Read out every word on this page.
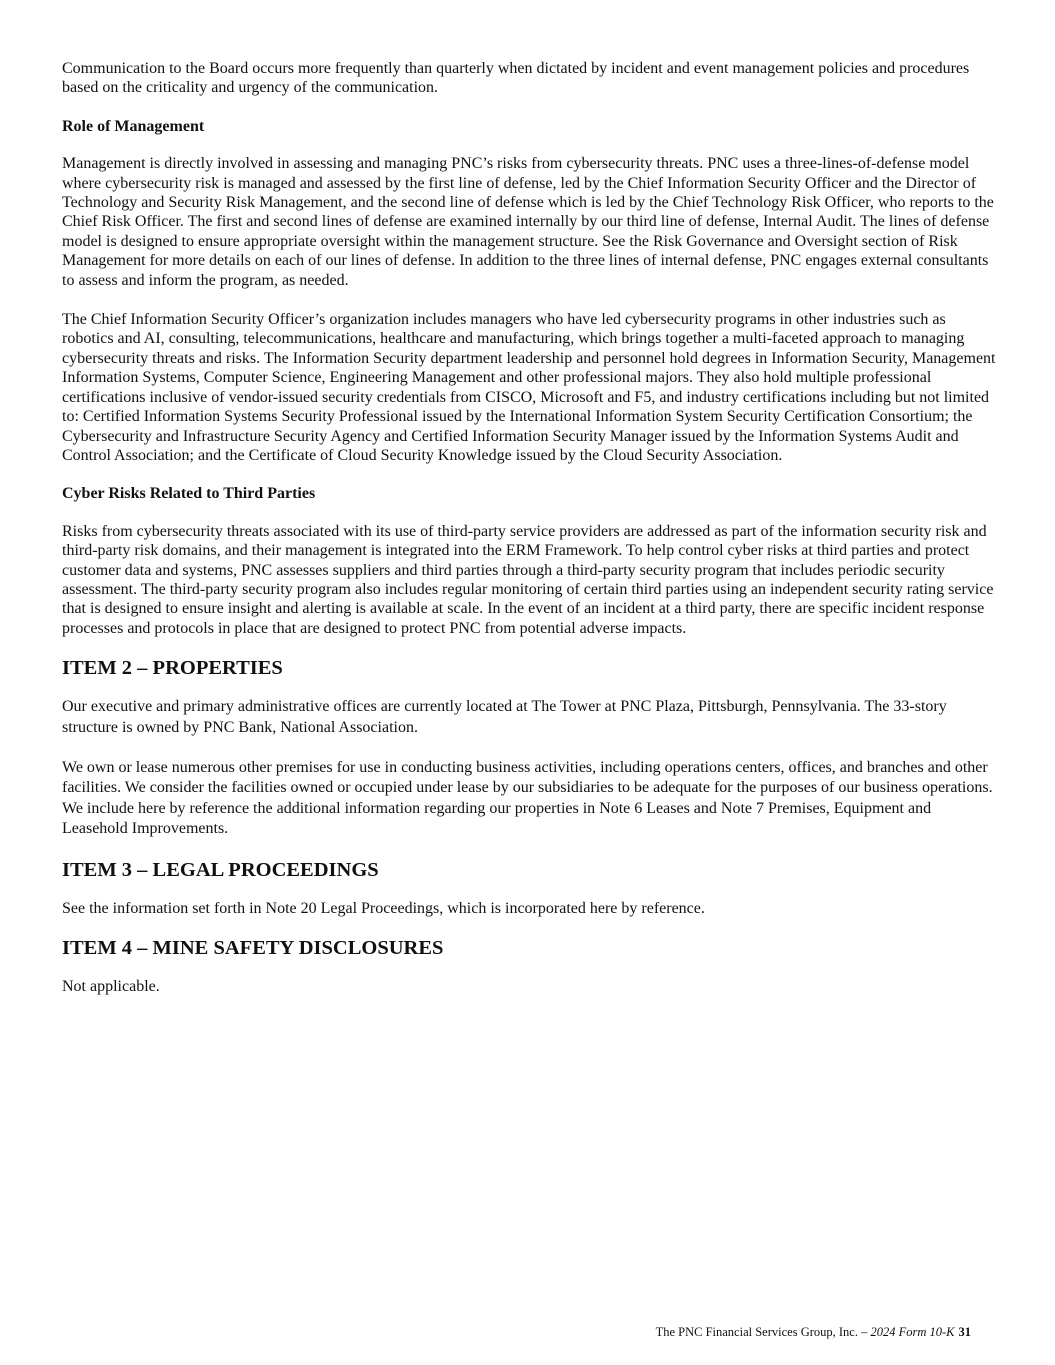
Communication to the Board occurs more frequently than quarterly when dictated by incident and event management policies and procedures based on the criticality and urgency of the communication.

Role of Management

Management is directly involved in assessing and managing PNC’s risks from cybersecurity threats. PNC uses a three-lines-of-defense model where cybersecurity risk is managed and assessed by the first line of defense, led by the Chief Information Security Officer and the Director of Technology and Security Risk Management, and the second line of defense which is led by the Chief Technology Risk Officer, who reports to the Chief Risk Officer. The first and second lines of defense are examined internally by our third line of defense, Internal Audit. The lines of defense model is designed to ensure appropriate oversight within the management structure. See the Risk Governance and Oversight section of Risk Management for more details on each of our lines of defense. In addition to the three lines of internal defense, PNC engages external consultants to assess and inform the program, as needed.

The Chief Information Security Officer’s organization includes managers who have led cybersecurity programs in other industries such as robotics and AI, consulting, telecommunications, healthcare and manufacturing, which brings together a multi-faceted approach to managing cybersecurity threats and risks. The Information Security department leadership and personnel hold degrees in Information Security, Management Information Systems, Computer Science, Engineering Management and other professional majors. They also hold multiple professional certifications inclusive of vendor-issued security credentials from CISCO, Microsoft and F5, and industry certifications including but not limited to: Certified Information Systems Security Professional issued by the International Information System Security Certification Consortium; the Cybersecurity and Infrastructure Security Agency and Certified Information Security Manager issued by the Information Systems Audit and Control Association; and the Certificate of Cloud Security Knowledge issued by the Cloud Security Association.

Cyber Risks Related to Third Parties

Risks from cybersecurity threats associated with its use of third-party service providers are addressed as part of the information security risk and third-party risk domains, and their management is integrated into the ERM Framework. To help control cyber risks at third parties and protect customer data and systems, PNC assesses suppliers and third parties through a third-party security program that includes periodic security assessment. The third-party security program also includes regular monitoring of certain third parties using an independent security rating service that is designed to ensure insight and alerting is available at scale. In the event of an incident at a third party, there are specific incident response processes and protocols in place that are designed to protect PNC from potential adverse impacts.

ITEM 2 – PROPERTIES

Our executive and primary administrative offices are currently located at The Tower at PNC Plaza, Pittsburgh, Pennsylvania. The 33-story structure is owned by PNC Bank, National Association.

We own or lease numerous other premises for use in conducting business activities, including operations centers, offices, and branches and other facilities. We consider the facilities owned or occupied under lease by our subsidiaries to be adequate for the purposes of our business operations. We include here by reference the additional information regarding our properties in Note 6 Leases and Note 7 Premises, Equipment and Leasehold Improvements.

ITEM 3 – LEGAL PROCEEDINGS

See the information set forth in Note 20 Legal Proceedings, which is incorporated here by reference.

ITEM 4 – MINE SAFETY DISCLOSURES

Not applicable.

The PNC Financial Services Group, Inc. – 2024 Form 10-K 31
